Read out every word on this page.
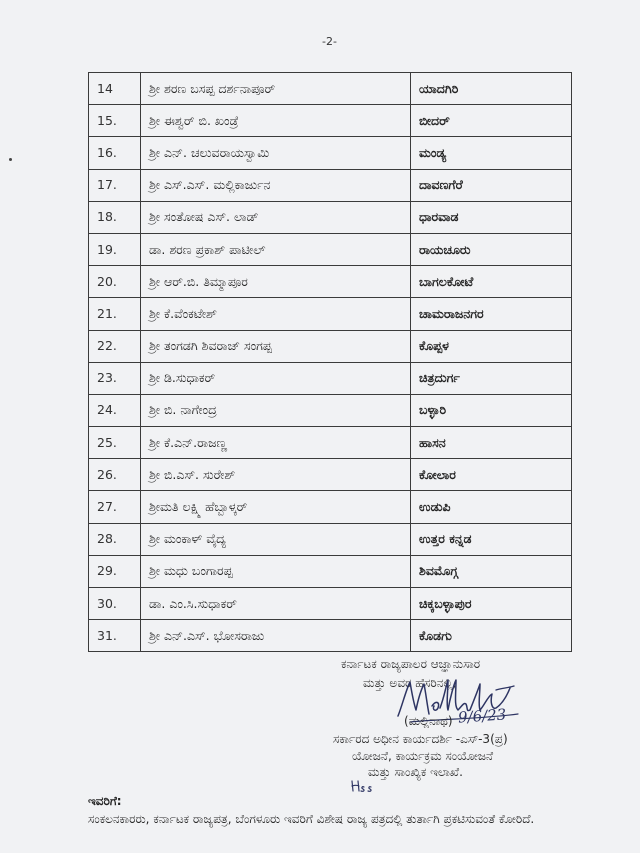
-2-
14	ಶ್ರೀ ಶರಣ ಬಸಪ್ಪ ದರ್ಶನಾಪೂರ್	ಯಾದಗಿರಿ
15.	ಶ್ರೀ ಈಶ್ವರ್ ಬಿ. ಖಂಡ್ರೆ	ಬೀದರ್
16.	ಶ್ರೀ ಎನ್. ಚಲುವರಾಯಸ್ವಾಮಿ	ಮಂಡ್ಯ
17.	ಶ್ರೀ ಎಸ್.ಎಸ್. ಮಲ್ಲಿಕಾರ್ಜುನ	ದಾವಣಗೆರೆ
18.	ಶ್ರೀ ಸಂತೋಷ ಎಸ್. ಲಾಡ್	ಧಾರವಾಡ
19.	ಡಾ. ಶರಣ ಪ್ರಕಾಶ್ ಪಾಟೀಲ್	ರಾಯಚೂರು
20.	ಶ್ರೀ ಆರ್.ಬಿ. ತಿಮ್ಮಾಪೂರ	ಬಾಗಲಕೋಟೆ
21.	ಶ್ರೀ ಕೆ.ವೆಂಕಟೇಶ್	ಚಾಮರಾಜನಗರ
22.	ಶ್ರೀ ತಂಗಡಗಿ ಶಿವರಾಜ್ ಸಂಗಪ್ಪ	ಕೊಪ್ಪಳ
23.	ಶ್ರೀ ಡಿ.ಸುಧಾಕರ್	ಚಿತ್ರದುರ್ಗ
24.	ಶ್ರೀ ಬಿ. ನಾಗೇಂದ್ರ	ಬಳ್ಳಾರಿ
25.	ಶ್ರೀ ಕೆ.ಎನ್.ರಾಜಣ್ಣ	ಹಾಸನ
26.	ಶ್ರೀ ಬಿ.ಎಸ್. ಸುರೇಶ್	ಕೋಲಾರ
27.	ಶ್ರೀಮತಿ ಲಕ್ಷ್ಮಿ ಹೆಬ್ಬಾಳ್ಕರ್	ಉಡುಪಿ
28.	ಶ್ರೀ ಮಂಕಾಳ್ ವೈದ್ಯ	ಉತ್ತರ ಕನ್ನಡ
29.	ಶ್ರೀ ಮಧು ಬಂಗಾರಪ್ಪ	ಶಿವಮೊಗ್ಗ
30.	ಡಾ. ಎಂ.ಸಿ.ಸುಧಾಕರ್	ಚಿಕ್ಕಬಳ್ಳಾಪುರ
31.	ಶ್ರೀ ಎನ್.ಎಸ್. ಭೋಸರಾಜು	ಕೊಡಗು
ಕರ್ನಾಟಕ ರಾಜ್ಯಪಾಲರ ಆಜ್ಞಾನುಸಾರ
ಮತ್ತು ಅವರ ಹೆಸರಿನಲ್ಲಿ,
(ಮಲ್ಲಿನಾಥ) 9/6/23
ಸರ್ಕಾರದ ಅಧೀನ ಕಾರ್ಯದರ್ಶಿ -ಎಸ್-3(ಪ್ರ)
ಯೋಜನೆ, ಕಾರ್ಯಕ್ರಮ ಸಂಯೋಜನೆ
ಮತ್ತು ಸಾಂಖ್ಯಿಕ ಇಲಾಖೆ.
ಇವರಿಗೆ:
ಸಂಕಲನಕಾರರು, ಕರ್ನಾಟಕ ರಾಜ್ಯಪತ್ರ, ಬೆಂಗಳೂರು ಇವರಿಗೆ ವಿಶೇಷ ರಾಜ್ಯ ಪತ್ರದಲ್ಲಿ ತುರ್ತಾಗಿ ಪ್ರಕಟಿಸುವಂತೆ ಕೋರಿದೆ.
